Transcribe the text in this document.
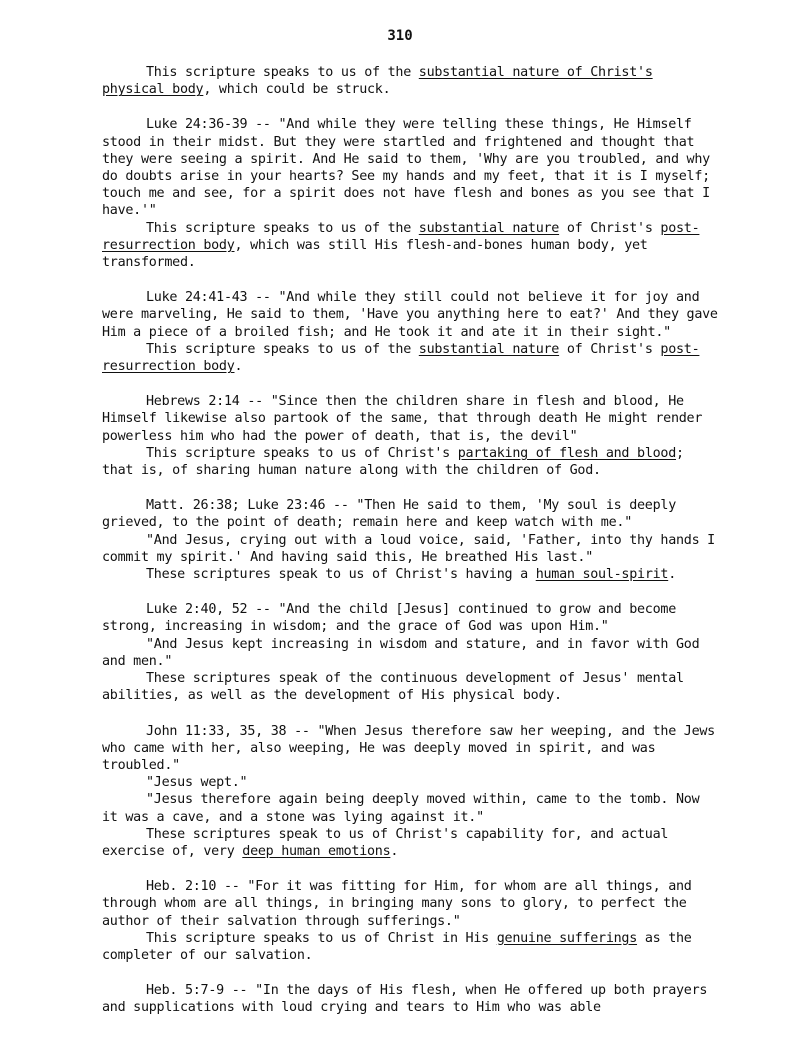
310

This scripture speaks to us of the substantial nature of Christ's physical body, which could be struck.

Luke 24:36-39 -- "And while they were telling these things, He Himself stood in their midst. But they were startled and frightened and thought that they were seeing a spirit. And He said to them, 'Why are you troubled, and why do doubts arise in your hearts? See my hands and my feet, that it is I myself; touch me and see, for a spirit does not have flesh and bones as you see that I have.'"

This scripture speaks to us of the substantial nature of Christ's post-resurrection body, which was still His flesh-and-bones human body, yet transformed.

Luke 24:41-43 -- "And while they still could not believe it for joy and were marveling, He said to them, 'Have you anything here to eat?' And they gave Him a piece of a broiled fish; and He took it and ate it in their sight."

This scripture speaks to us of the substantial nature of Christ's post-resurrection body.

Hebrews 2:14 -- "Since then the children share in flesh and blood, He Himself likewise also partook of the same, that through death He might render powerless him who had the power of death, that is, the devil"

This scripture speaks to us of Christ's partaking of flesh and blood; that is, of sharing human nature along with the children of God.

Matt. 26:38; Luke 23:46 -- "Then He said to them, 'My soul is deeply grieved, to the point of death; remain here and keep watch with me."

"And Jesus, crying out with a loud voice, said, 'Father, into thy hands I commit my spirit.' And having said this, He breathed His last."

These scriptures speak to us of Christ's having a human soul-spirit.

Luke 2:40, 52 -- "And the child [Jesus] continued to grow and become strong, increasing in wisdom; and the grace of God was upon Him."

"And Jesus kept increasing in wisdom and stature, and in favor with God and men."

These scriptures speak of the continuous development of Jesus' mental abilities, as well as the development of His physical body.

John 11:33, 35, 38 -- "When Jesus therefore saw her weeping, and the Jews who came with her, also weeping, He was deeply moved in spirit, and was troubled."

"Jesus wept."

"Jesus therefore again being deeply moved within, came to the tomb. Now it was a cave, and a stone was lying against it."

These scriptures speak to us of Christ's capability for, and actual exercise of, very deep human emotions.

Heb. 2:10 -- "For it was fitting for Him, for whom are all things, and through whom are all things, in bringing many sons to glory, to perfect the author of their salvation through sufferings."

This scripture speaks to us of Christ in His genuine sufferings as the completer of our salvation.

Heb. 5:7-9 -- "In the days of His flesh, when He offered up both prayers and supplications with loud crying and tears to Him who was able
